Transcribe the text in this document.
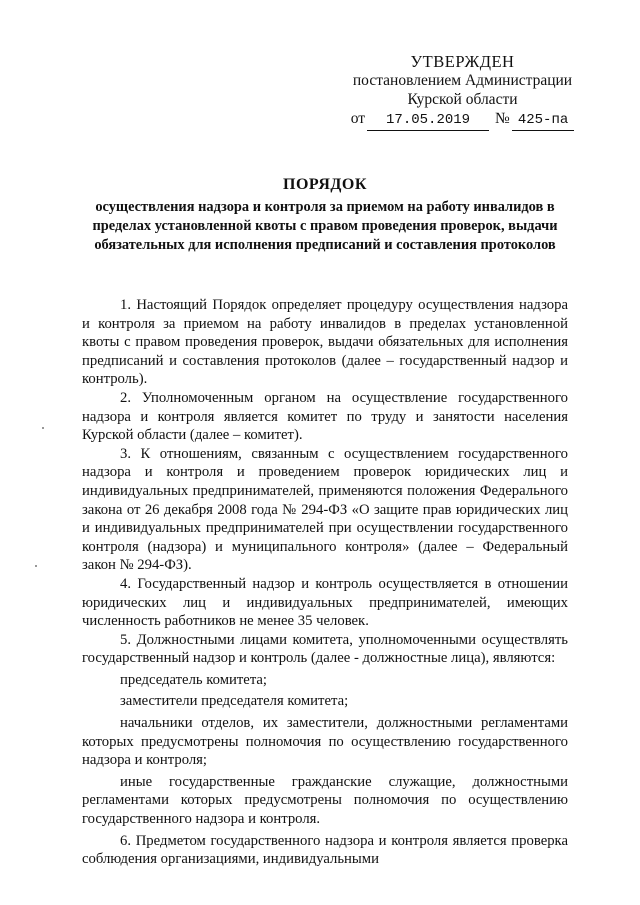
УТВЕРЖДЕН
постановлением Администрации
Курской области
от	17.05.2019	№ 425-па
ПОРЯДОК
осуществления надзора и контроля за приемом на работу инвалидов в пределах установленной квоты с правом проведения проверок, выдачи обязательных для исполнения предписаний и составления протоколов

1. Настоящий Порядок определяет процедуру осуществления надзора и контроля за приемом на работу инвалидов в пределах установленной квоты с правом проведения проверок, выдачи обязательных для исполнения предписаний и составления протоколов (далее – государственный надзор и контроль).

2. Уполномоченным органом на осуществление государственного надзора и контроля является комитет по труду и занятости населения Курской области (далее – комитет).

3. К отношениям, связанным с осуществлением государственного надзора и контроля и проведением проверок юридических лиц и индивидуальных предпринимателей, применяются положения Федерального закона от 26 декабря 2008 года № 294-ФЗ «О защите прав юридических лиц и индивидуальных предпринимателей при осуществлении государственного контроля (надзора) и муниципального контроля» (далее – Федеральный закон № 294-ФЗ).

4. Государственный надзор и контроль осуществляется в отношении юридических лиц и индивидуальных предпринимателей, имеющих численность работников не менее 35 человек.

5. Должностными лицами комитета, уполномоченными осуществлять государственный надзор и контроль (далее - должностные лица), являются:

председатель комитета;

заместители председателя комитета;

начальники отделов, их заместители, должностными регламентами которых предусмотрены полномочия по осуществлению государственного надзора и контроля;

иные государственные гражданские служащие, должностными регламентами которых предусмотрены полномочия по осуществлению государственного надзора и контроля.

6. Предметом государственного надзора и контроля является проверка соблюдения организациями, индивидуальными
